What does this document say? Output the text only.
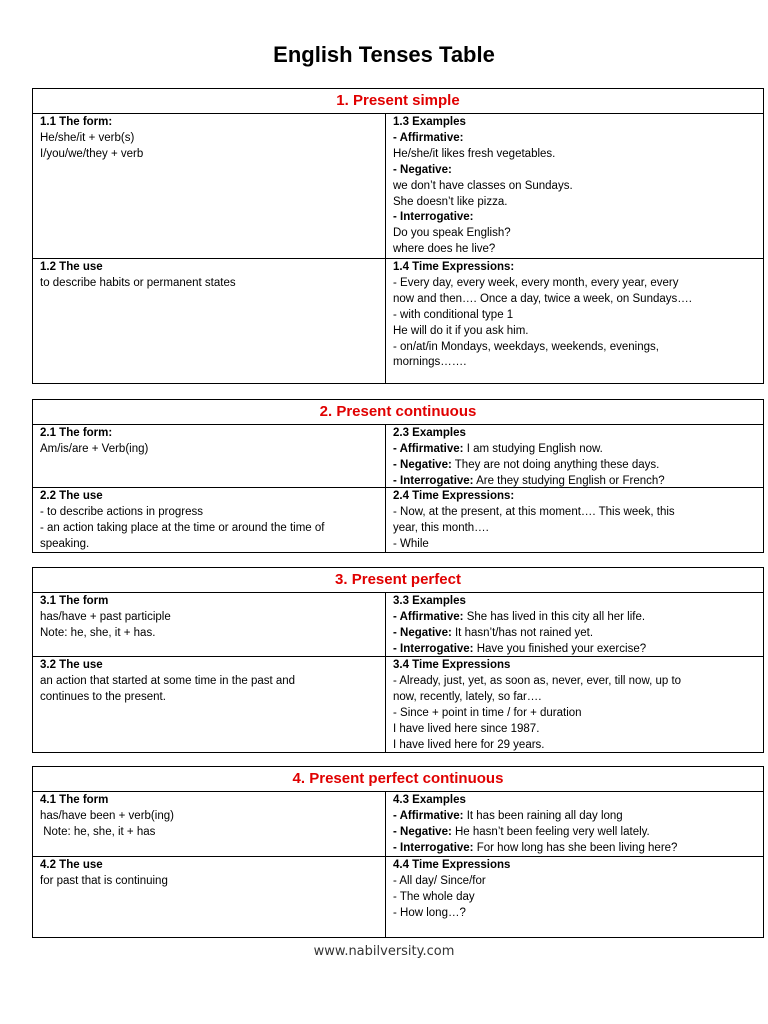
English Tenses Table
1. Present simple
1.1 The form:
He/she/it + verb(s)
I/you/we/they + verb
1.3 Examples
- Affirmative:
He/she/it likes fresh vegetables.
- Negative:
we don’t have classes on Sundays.
She doesn’t like pizza.
- Interrogative:
Do you speak English?
where does he live?
1.2 The use
to describe habits or permanent states
1.4 Time Expressions:
- Every day, every week, every month, every year, every
now and then…. Once a day, twice a week, on Sundays….
- with conditional type 1
He will do it if you ask him.
- on/at/in Mondays, weekdays, weekends, evenings,
mornings…….
2. Present continuous
2.1 The form:
Am/is/are + Verb(ing)
2.3 Examples
- Affirmative: I am studying English now.
- Negative: They are not doing anything these days.
- Interrogative: Are they studying English or French?
2.2 The use
- to describe actions in progress
- an action taking place at the time or around the time of
speaking.
2.4 Time Expressions:
- Now, at the present, at this moment…. This week, this
year, this month….
- While
3. Present perfect
3.1 The form
has/have + past participle
Note: he, she, it + has.
3.3 Examples
- Affirmative: She has lived in this city all her life.
- Negative: It hasn’t/has not rained yet.
- Interrogative: Have you finished your exercise?
3.2 The use
an action that started at some time in the past and
continues to the present.
3.4 Time Expressions
- Already, just, yet, as soon as, never, ever, till now, up to
now, recently, lately, so far….
- Since + point in time / for + duration
I have lived here since 1987.
I have lived here for 29 years.
4. Present perfect continuous
4.1 The form
has/have been + verb(ing)
Note: he, she, it + has
4.3 Examples
- Affirmative: It has been raining all day long
- Negative: He hasn’t been feeling very well lately.
- Interrogative: For how long has she been living here?
4.2 The use
for past that is continuing
4.4 Time Expressions
- All day/ Since/for
- The whole day
- How long…?
www.nabilversity.com
